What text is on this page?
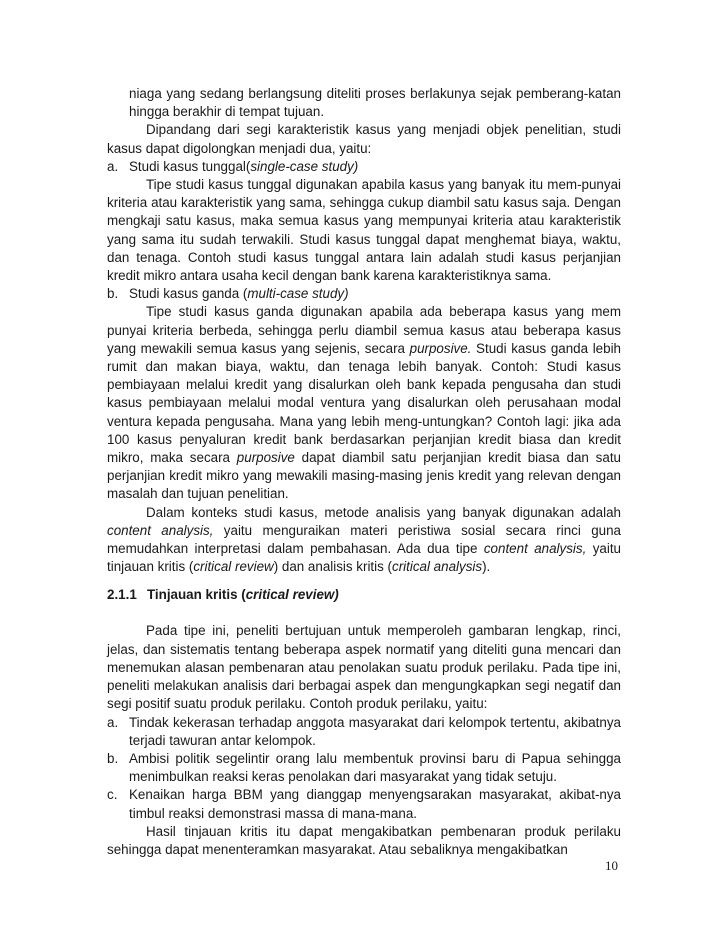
niaga yang sedang berlangsung diteliti proses berlakunya sejak pemberang-katan hingga berakhir di tempat tujuan.

Dipandang dari segi karakteristik kasus yang menjadi objek penelitian, studi kasus dapat digolongkan menjadi dua, yaitu:

a. Studi kasus tunggal(single-case study)

Tipe studi kasus tunggal digunakan apabila kasus yang banyak itu mem-punyai kriteria atau karakteristik yang sama, sehingga cukup diambil satu kasus saja. Dengan mengkaji satu kasus, maka semua kasus yang mempunyai kriteria atau karakteristik yang sama itu sudah terwakili. Studi kasus tunggal dapat menghemat biaya, waktu, dan tenaga. Contoh studi kasus tunggal antara lain adalah studi kasus perjanjian kredit mikro antara usaha kecil dengan bank karena karakteristiknya sama.

b. Studi kasus ganda (multi-case study)

Tipe studi kasus ganda digunakan apabila ada beberapa kasus yang mem punyai kriteria berbeda, sehingga perlu diambil semua kasus atau beberapa kasus yang mewakili semua kasus yang sejenis, secara purposive. Studi kasus ganda lebih rumit dan makan biaya, waktu, dan tenaga lebih banyak. Contoh: Studi kasus pembiayaan melalui kredit yang disalurkan oleh bank kepada pengusaha dan studi kasus pembiayaan melalui modal ventura yang disalurkan oleh perusahaan modal ventura kepada pengusaha. Mana yang lebih meng-untungkan? Contoh lagi: jika ada 100 kasus penyaluran kredit bank berdasarkan perjanjian kredit biasa dan kredit mikro, maka secara purposive dapat diambil satu perjanjian kredit biasa dan satu perjanjian kredit mikro yang mewakili masing-masing jenis kredit yang relevan dengan masalah dan tujuan penelitian.

Dalam konteks studi kasus, metode analisis yang banyak digunakan adalah content analysis, yaitu menguraikan materi peristiwa sosial secara rinci guna memudahkan interpretasi dalam pembahasan. Ada dua tipe content analysis, yaitu tinjauan kritis (critical review) dan analisis kritis (critical analysis).

2.1.1 Tinjauan kritis (critical review)

Pada tipe ini, peneliti bertujuan untuk memperoleh gambaran lengkap, rinci, jelas, dan sistematis tentang beberapa aspek normatif yang diteliti guna mencari dan menemukan alasan pembenaran atau penolakan suatu produk perilaku. Pada tipe ini, peneliti melakukan analisis dari berbagai aspek dan mengungkapkan segi negatif dan segi positif suatu produk perilaku. Contoh produk perilaku, yaitu:

a. Tindak kekerasan terhadap anggota masyarakat dari kelompok tertentu, akibatnya terjadi tawuran antar kelompok.

b. Ambisi politik segelintir orang lalu membentuk provinsi baru di Papua sehingga menimbulkan reaksi keras penolakan dari masyarakat yang tidak setuju.

c. Kenaikan harga BBM yang dianggap menyengsarakan masyarakat, akibat-nya timbul reaksi demonstrasi massa di mana-mana.

Hasil tinjauan kritis itu dapat mengakibatkan pembenaran produk perilaku sehingga dapat menenteramkan masyarakat. Atau sebaliknya mengakibatkan

10
